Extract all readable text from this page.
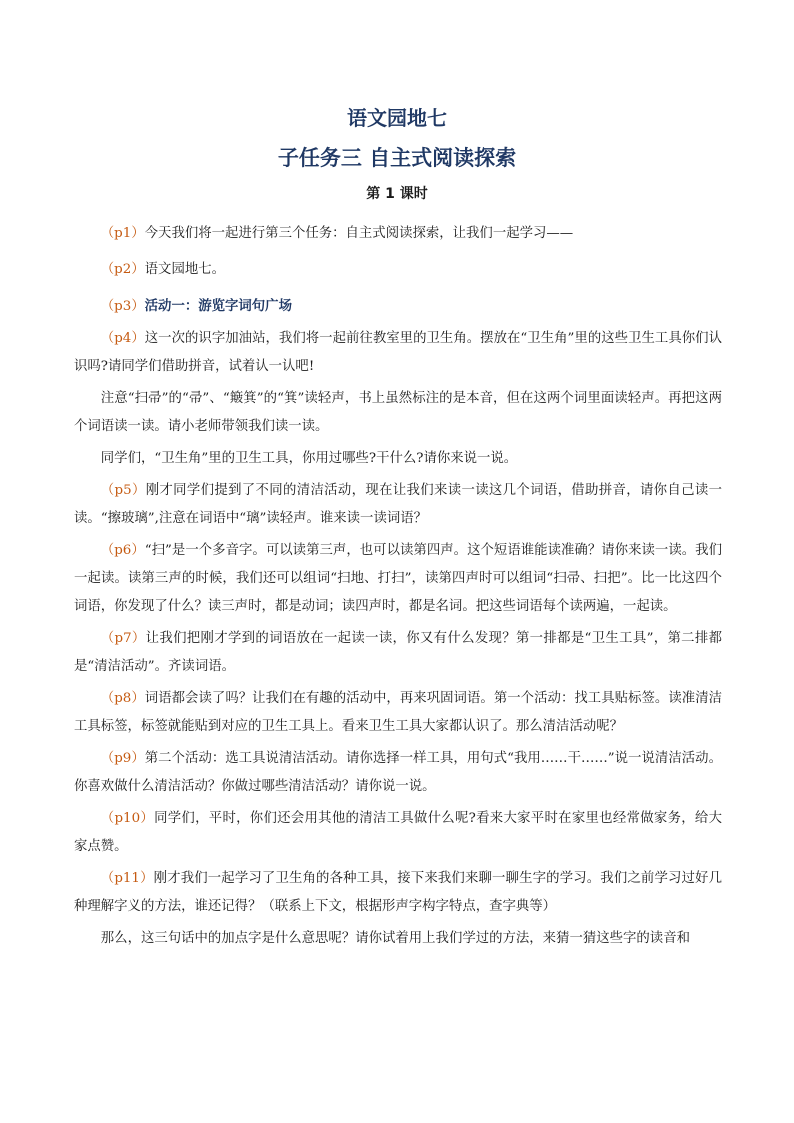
语文园地七
子任务三 自主式阅读探索
第 1 课时

（p1）今天我们将一起进行第三个任务：自主式阅读探索，让我们一起学习——

（p2）语文园地七。

（p3）活动一：游览字词句广场

（p4）这一次的识字加油站，我们将一起前往教室里的卫生角。摆放在“卫生角”里的这些卫生工具你们认识吗?请同学们借助拼音，试着认一认吧!

注意“扫帚”的“帚”、“簸箕”的“箕”读轻声，书上虽然标注的是本音，但在这两个词里面读轻声。再把这两个词语读一读。请小老师带领我们读一读。

同学们，“卫生角”里的卫生工具，你用过哪些?干什么?请你来说一说。

（p5）刚才同学们提到了不同的清洁活动，现在让我们来读一读这几个词语，借助拼音，请你自己读一读。“擦玻璃”,注意在词语中“璃”读轻声。谁来读一读词语？

（p6）“扫”是一个多音字。可以读第三声，也可以读第四声。这个短语谁能读准确？请你来读一读。我们一起读。读第三声的时候，我们还可以组词“扫地、打扫”，读第四声时可以组词“扫帚、扫把”。比一比这四个词语，你发现了什么？读三声时，都是动词；读四声时，都是名词。把这些词语每个读两遍，一起读。

（p7）让我们把刚才学到的词语放在一起读一读，你又有什么发现？第一排都是“卫生工具”，第二排都是“清洁活动”。齐读词语。

（p8）词语都会读了吗？让我们在有趣的活动中，再来巩固词语。第一个活动：找工具贴标签。读准清洁工具标签，标签就能贴到对应的卫生工具上。看来卫生工具大家都认识了。那么清洁活动呢？

（p9）第二个活动：选工具说清洁活动。请你选择一样工具，用句式“我用……干……”说一说清洁活动。你喜欢做什么清洁活动？你做过哪些清洁活动？请你说一说。

（p10）同学们，平时，你们还会用其他的清洁工具做什么呢?看来大家平时在家里也经常做家务，给大家点赞。

（p11）刚才我们一起学习了卫生角的各种工具，接下来我们来聊一聊生字的学习。我们之前学习过好几种理解字义的方法，谁还记得？（联系上下文，根据形声字构字特点，查字典等）

那么，这三句话中的加点字是什么意思呢？请你试着用上我们学过的方法，来猜一猜这些字的读音和
